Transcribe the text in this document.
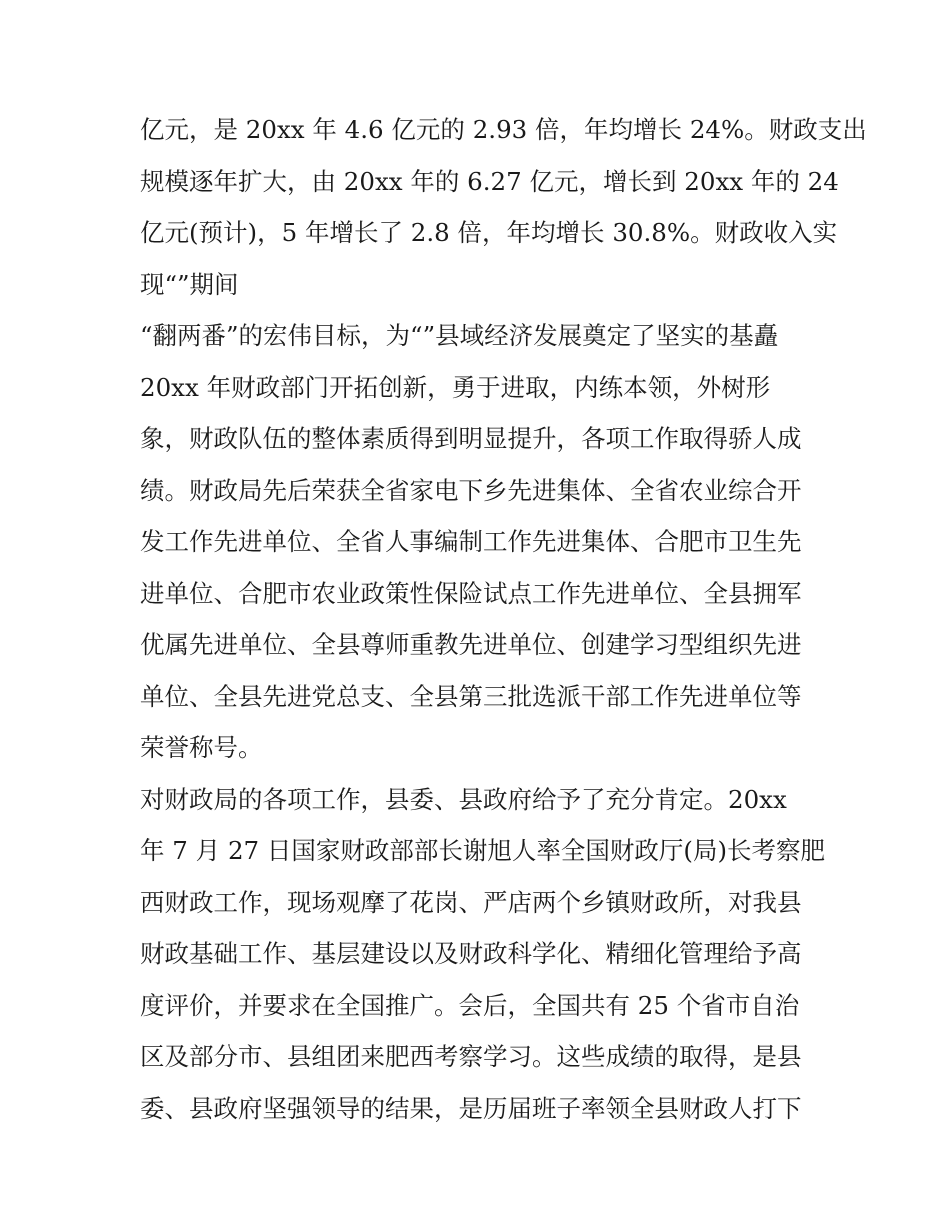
亿元，是 20xx 年 4.6 亿元的 2.93 倍，年均增长 24%。财政支出
规模逐年扩大，由 20xx 年的 6.27 亿元，增长到 20xx 年的 24
亿元(预计)，5 年增长了 2.8 倍，年均增长 30.8%。财政收入实
现“”期间
“翻两番”的宏伟目标，为“”县域经济发展奠定了坚实的基矗
20xx 年财政部门开拓创新，勇于进取，内练本领，外树形
象，财政队伍的整体素质得到明显提升，各项工作取得骄人成
绩。财政局先后荣获全省家电下乡先进集体、全省农业综合开
发工作先进单位、全省人事编制工作先进集体、合肥市卫生先
进单位、合肥市农业政策性保险试点工作先进单位、全县拥军
优属先进单位、全县尊师重教先进单位、创建学习型组织先进
单位、全县先进党总支、全县第三批选派干部工作先进单位等
荣誉称号。
对财政局的各项工作，县委、县政府给予了充分肯定。20xx
年 7 月 27 日国家财政部部长谢旭人率全国财政厅(局)长考察肥
西财政工作，现场观摩了花岗、严店两个乡镇财政所，对我县
财政基础工作、基层建设以及财政科学化、精细化管理给予高
度评价，并要求在全国推广。会后，全国共有 25 个省市自治
区及部分市、县组团来肥西考察学习。这些成绩的取得，是县
委、县政府坚强领导的结果，是历届班子率领全县财政人打下
